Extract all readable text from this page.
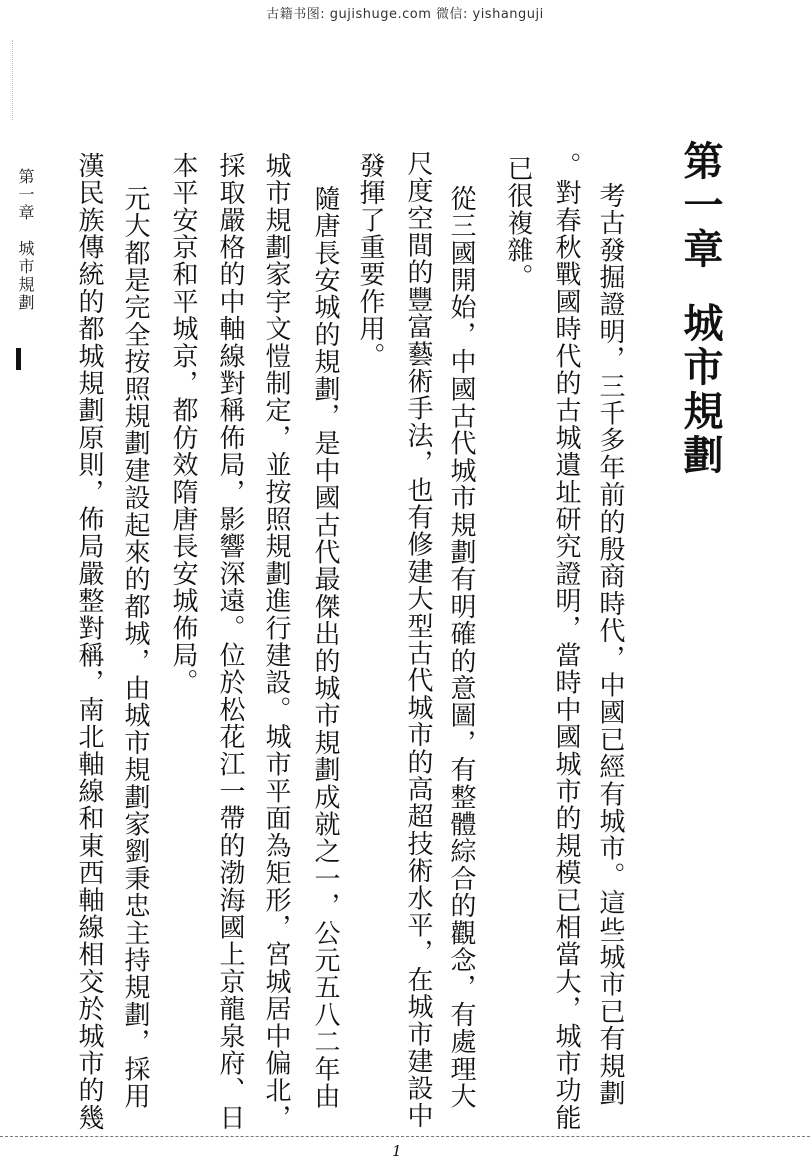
古籍书图: gujishuge.com 微信: yishanguji
第一章城市規劃

考古發掘證明，三千多年前的殷商時代，中國已經有城市。這些城市已有規劃

。對春秋戰國時代的古城遺址研究證明，當時中國城市的規模已相當大，城市功能

已很複雜。

從三國開始，中國古代城市規劃有明確的意圖，有整體綜合的觀念，有處理大

尺度空間的豐富藝術手法，也有修建大型古代城市的高超技術水平，在城市建設中

發揮了重要作用。

隨唐長安城的規劃，是中國古代最傑出的城市規劃成就之一，公元五八二年由

城市規劃家宇文愷制定，並按照規劃進行建設。城市平面為矩形，宮城居中偏北，

採取嚴格的中軸線對稱佈局，影響深遠。位於松花江一帶的渤海國上京龍泉府、日

本平安京和平城京，都仿效隋唐長安城佈局。

元大都是完全按照規劃建設起來的都城，由城市規劃家劉秉忠主持規劃，採用

漢民族傳統的都城規劃原則，佈局嚴整對稱，南北軸線和東西軸線相交於城市的幾

第一章城市規劃
1
